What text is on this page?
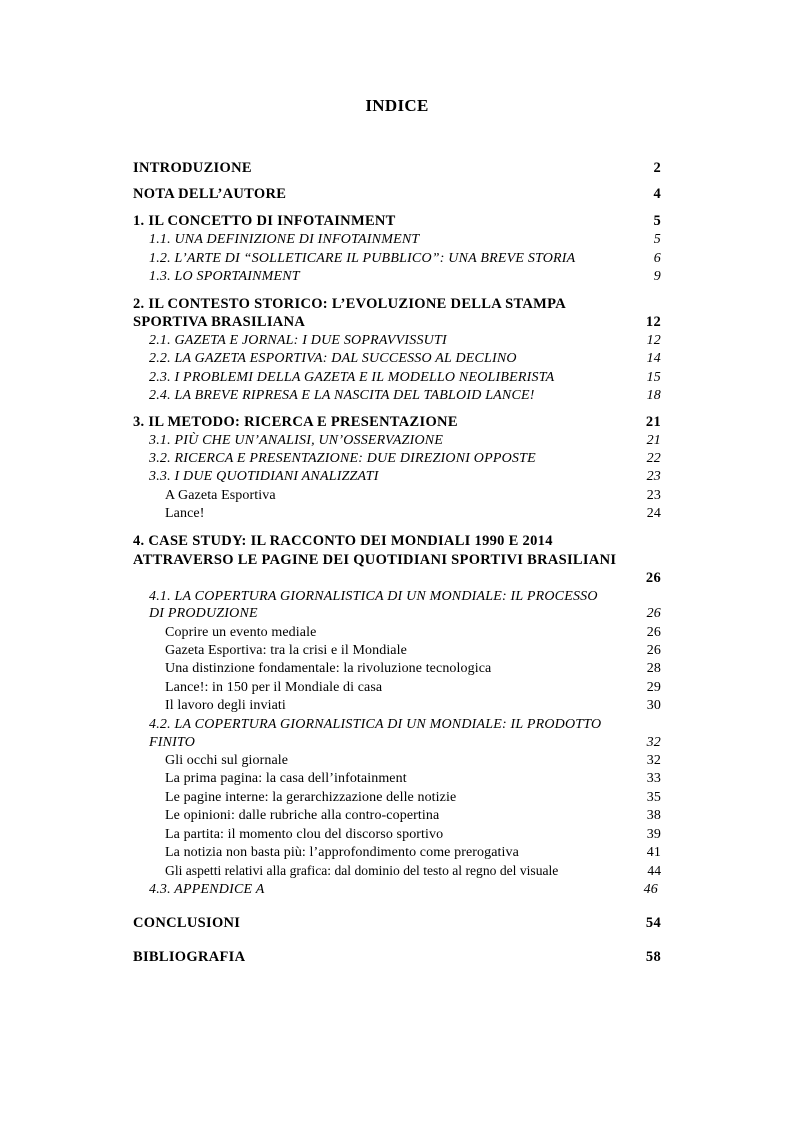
INDICE
INTRODUZIONE	2
NOTA DELL’AUTORE	4
1. IL CONCETTO DI INFOTAINMENT	5
1.1. UNA DEFINIZIONE DI INFOTAINMENT	5
1.2. L’ARTE DI “SOLLETICARE IL PUBBLICO”: UNA BREVE STORIA	6
1.3. LO SPORTAINMENT	9
2. IL CONTESTO STORICO: L’EVOLUZIONE DELLA STAMPA
SPORTIVA BRASILIANA	12
2.1. GAZETA E JORNAL: I DUE SOPRAVVISSUTI	12
2.2. LA GAZETA ESPORTIVA: DAL SUCCESSO AL DECLINO	14
2.3. I PROBLEMI DELLA GAZETA E IL MODELLO NEOLIBERISTA	15
2.4. LA BREVE RIPRESA E LA NASCITA DEL TABLOID LANCE!	18
3. IL METODO: RICERCA E PRESENTAZIONE	21
3.1. PIÙ CHE UN’ANALISI, UN’OSSERVAZIONE	21
3.2. RICERCA E PRESENTAZIONE: DUE DIREZIONI OPPOSTE	22
3.3. I DUE QUOTIDIANI ANALIZZATI	23
A Gazeta Esportiva	23
Lance!	24
4. CASE STUDY: IL RACCONTO DEI MONDIALI 1990 E 2014
ATTRAVERSO LE PAGINE DEI QUOTIDIANI SPORTIVI BRASILIANI
26
4.1. LA COPERTURA GIORNALISTICA DI UN MONDIALE: IL PROCESSO
DI PRODUZIONE	26
Coprire un evento mediale	26
Gazeta Esportiva: tra la crisi e il Mondiale	26
Una distinzione fondamentale: la rivoluzione tecnologica	28
Lance!: in 150 per il Mondiale di casa	29
Il lavoro degli inviati	30
4.2. LA COPERTURA GIORNALISTICA DI UN MONDIALE: IL PRODOTTO
FINITO	32
Gli occhi sul giornale	32
La prima pagina: la casa dell’infotainment	33
Le pagine interne: la gerarchizzazione delle notizie	35
Le opinioni: dalle rubriche alla contro-copertina	38
La partita: il momento clou del discorso sportivo	39
La notizia non basta più: l’approfondimento come prerogativa	41
Gli aspetti relativi alla grafica: dal dominio del testo al regno del visuale	44
4.3. APPENDICE A	46
CONCLUSIONI	54
BIBLIOGRAFIA	58
